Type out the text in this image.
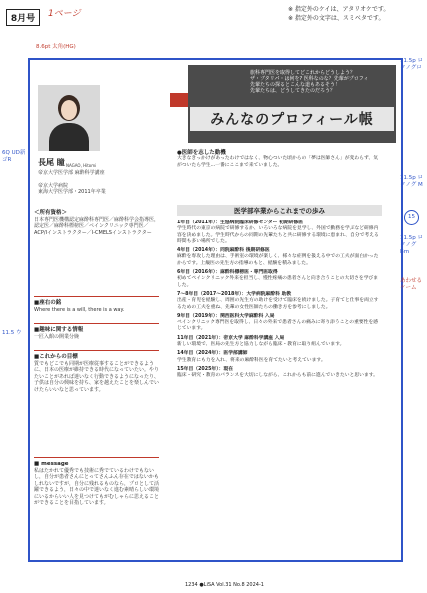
8月号	1ページ	※ 指定外のケイは、アタリオケです。
※ 指定外の文字は、スミベタです。
8.6pt 太角(HG)
6Q UD新ゴR
11.5 ウ
長尾 瞳 NAGAO, Hitomi
帝京大学医学部 麻酔科学講座
帝京大学病院
東海大学医学部・2011年卒業
＜所有資格＞
日本専門医機構認定麻酔科専門医／麻酔科学会指導医，認定医／麻酔科標榜医／ペインクリニック専門医／ACP/Iインストラクター／I-CMELSインストラクター
■座右の銘
Where there is a will, there is a way.
■趣味に関する情報
一匠入館の開業分娩
■これからの目標
質でもどこでも同期が医療従事することができるように、日本の医療が維持できる時代になっていたい。やりたいことがあれば迷いなく行動できるようになったり、子供は自分の興味を持ち、家を越えたことを楽しんでいけたらいいなと思っています。
■ message
私はたかれて優秀でも技術に秀でているわけでもないし，自分が患者さんにとってさんふん存在ではないかもしれないですが，自分に残れるものなら，プロとして活躍できるよう，日々の中で迷いなく進む素晴らしい環境にいるからいい人を見つけてもがむしゃらに思えることができることを目指しています。
旅科専門医を取得してどこれからどうしよう？
ザ・ブタリパ・は何を? 医科なのな？先輩がプロフィ
先輩たちの探るとこんな道もあるそう！
先輩たちは、どうしてきたのだろう？
みんなのプロフィール帳
11.5p ロクノグロ
11.5p ロクノグ M
11.5p ロクノグ Bm
あわせるケーム
15
●医師を志した動機
大きなきっかけがあったわけではなく、物心ついた頃からの「夢は医師さん」が変わらず、気がついたら学生...一番にここまで来ていました。
医学部卒業からこれまでの歩み
1年目（2011年）：生協病院臨床研修センター 初期研修医
学生時代の東京の病院で研修するか、いろいろな病院を見学し、外国で勤務を学ぶなど研修内容を決めました。学生時代からの同期の先輩たちと共に研修する環境に恵まれ、自分で考える時間も多い場所でした。
4年目（2014年）：同院麻酔科 後期研修医
麻酔を専攻した理由は、手術室の環境が楽しく、様々な症例を扱える中での工夫が面白かったからです。上級医の先生方の指導のもと、経験を積みました。
6年目（2016年）：麻酔科標榜医・専門医取得
初めてペインクリニック外来を担当し、慢性疼痛の患者さんと向き合うことの大切さを学びました。
7〜8年目（2017〜2018年）：大学病院麻酔科 助教
出産・育児を経験し、周囲の先生方の助けを受けて臨床を続けました。子育てと仕事を両立するための工夫を重ね、先輩の女性医師たちの働き方を参考にしました。
9年目（2019年）：関西医科大学麻酔科 入局
ペインクリニック専門医を取得し、日々の外来で患者さんの痛みに寄り添うことの重要性を感じています。
11年目（2021年）：帝京大学 麻酔科学講座 入局
新しい環境で、医局の先生方と協力しながら臨床・教育に取り組んでいます。
14年目（2024年）：医学部講師
学生教育にも力を入れ、将来の麻酔科医を育てたいと考えています。
15年目（2025年）：現在
臨床・研究・教育のバランスを大切にしながら、これからも前に進んでいきたいと思います。
1234 ●LiSA Vol.31 No.8 2024-1
